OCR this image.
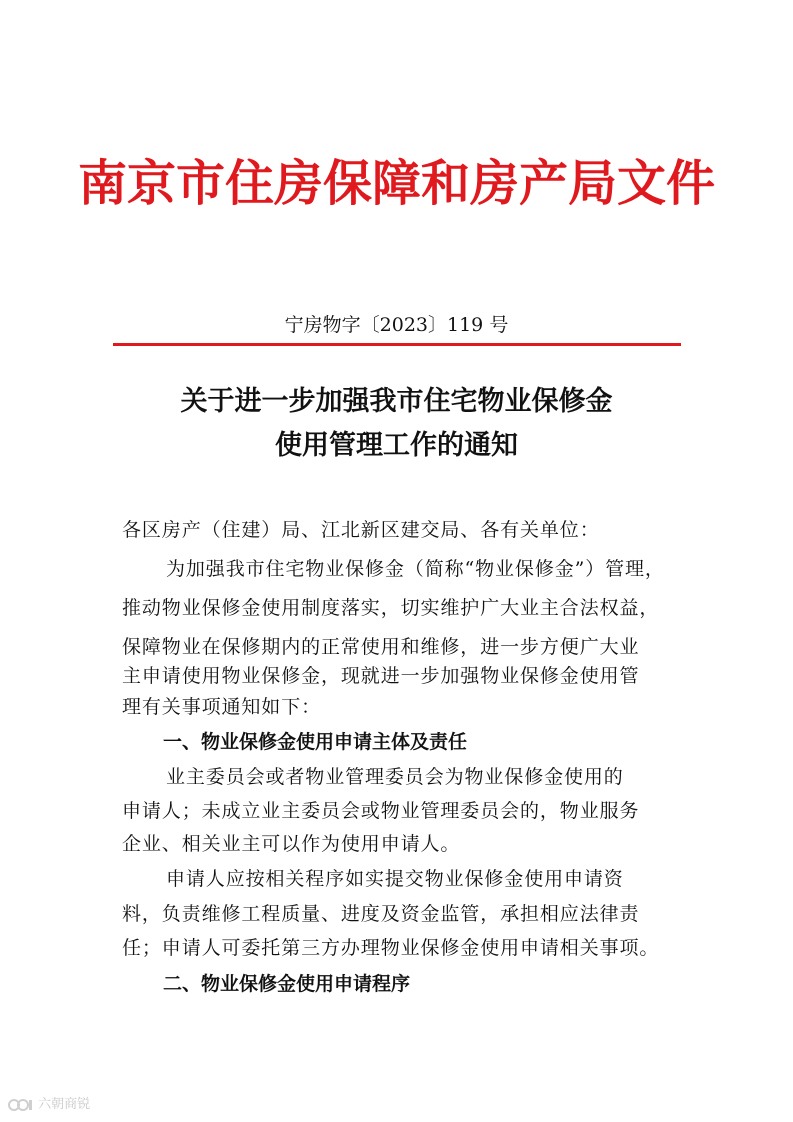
南京市住房保障和房产局文件
宁房物字〔2023〕119 号
关于进一步加强我市住宅物业保修金
使用管理工作的通知
各区房产（住建）局、江北新区建交局、各有关单位：
为加强我市住宅物业保修金（简称“物业保修金”）管理，
推动物业保修金使用制度落实，切实维护广大业主合法权益，
保障物业在保修期内的正常使用和维修，进一步方便广大业
主申请使用物业保修金，现就进一步加强物业保修金使用管
理有关事项通知如下：
一、物业保修金使用申请主体及责任
业主委员会或者物业管理委员会为物业保修金使用的
申请人；未成立业主委员会或物业管理委员会的，物业服务
企业、相关业主可以作为使用申请人。
申请人应按相关程序如实提交物业保修金使用申请资
料，负责维修工程质量、进度及资金监管，承担相应法律责
任；申请人可委托第三方办理物业保修金使用申请相关事项。
二、物业保修金使用申请程序
六朝商锐
